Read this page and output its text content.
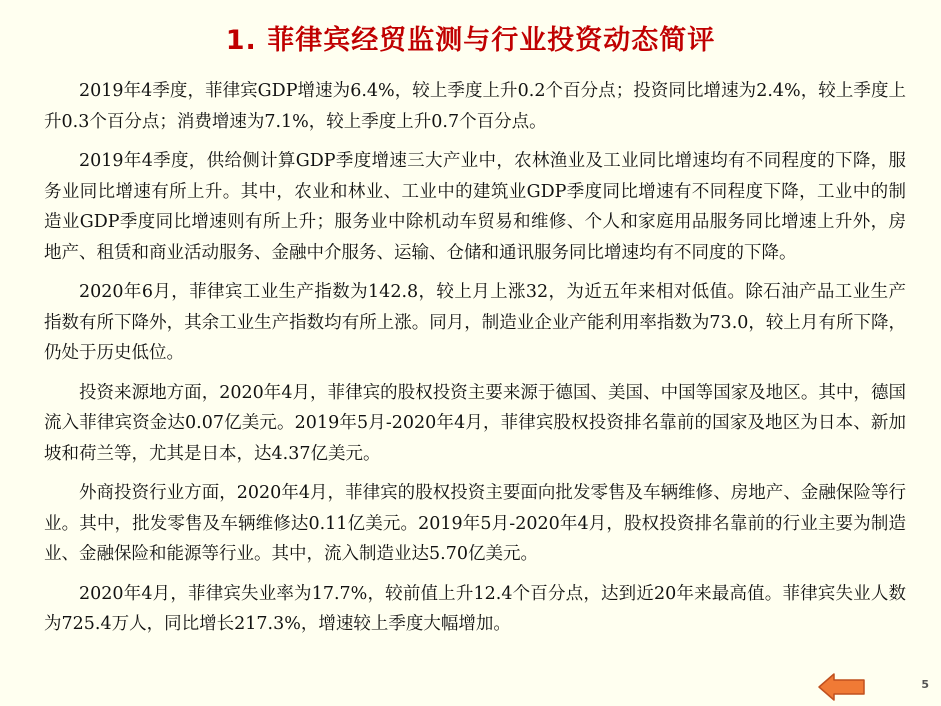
1. 菲律宾经贸监测与行业投资动态简评

2019年4季度，菲律宾GDP增速为6.4%，较上季度上升0.2个百分点；投资同比增速为2.4%，较上季度上升0.3个百分点；消费增速为7.1%，较上季度上升0.7个百分点。

2019年4季度，供给侧计算GDP季度增速三大产业中，农林渔业及工业同比增速均有不同程度的下降，服务业同比增速有所上升。其中，农业和林业、工业中的建筑业GDP季度同比增速有不同程度下降，工业中的制造业GDP季度同比增速则有所上升；服务业中除机动车贸易和维修、个人和家庭用品服务同比增速上升外，房地产、租赁和商业活动服务、金融中介服务、运输、仓储和通讯服务同比增速均有不同度的下降。

2020年6月，菲律宾工业生产指数为142.8，较上月上涨32，为近五年来相对低值。除石油产品工业生产指数有所下降外，其余工业生产指数均有所上涨。同月，制造业企业产能利用率指数为73.0，较上月有所下降，仍处于历史低位。

投资来源地方面，2020年4月，菲律宾的股权投资主要来源于德国、美国、中国等国家及地区。其中，德国流入菲律宾资金达0.07亿美元。2019年5月-2020年4月，菲律宾股权投资排名靠前的国家及地区为日本、新加坡和荷兰等，尤其是日本，达4.37亿美元。

外商投资行业方面，2020年4月，菲律宾的股权投资主要面向批发零售及车辆维修、房地产、金融保险等行业。其中，批发零售及车辆维修达0.11亿美元。2019年5月-2020年4月，股权投资排名靠前的行业主要为制造业、金融保险和能源等行业。其中，流入制造业达5.70亿美元。

2020年4月，菲律宾失业率为17.7%，较前值上升12.4个百分点，达到近20年来最高值。菲律宾失业人数为725.4万人，同比增长217.3%，增速较上季度大幅增加。

5
